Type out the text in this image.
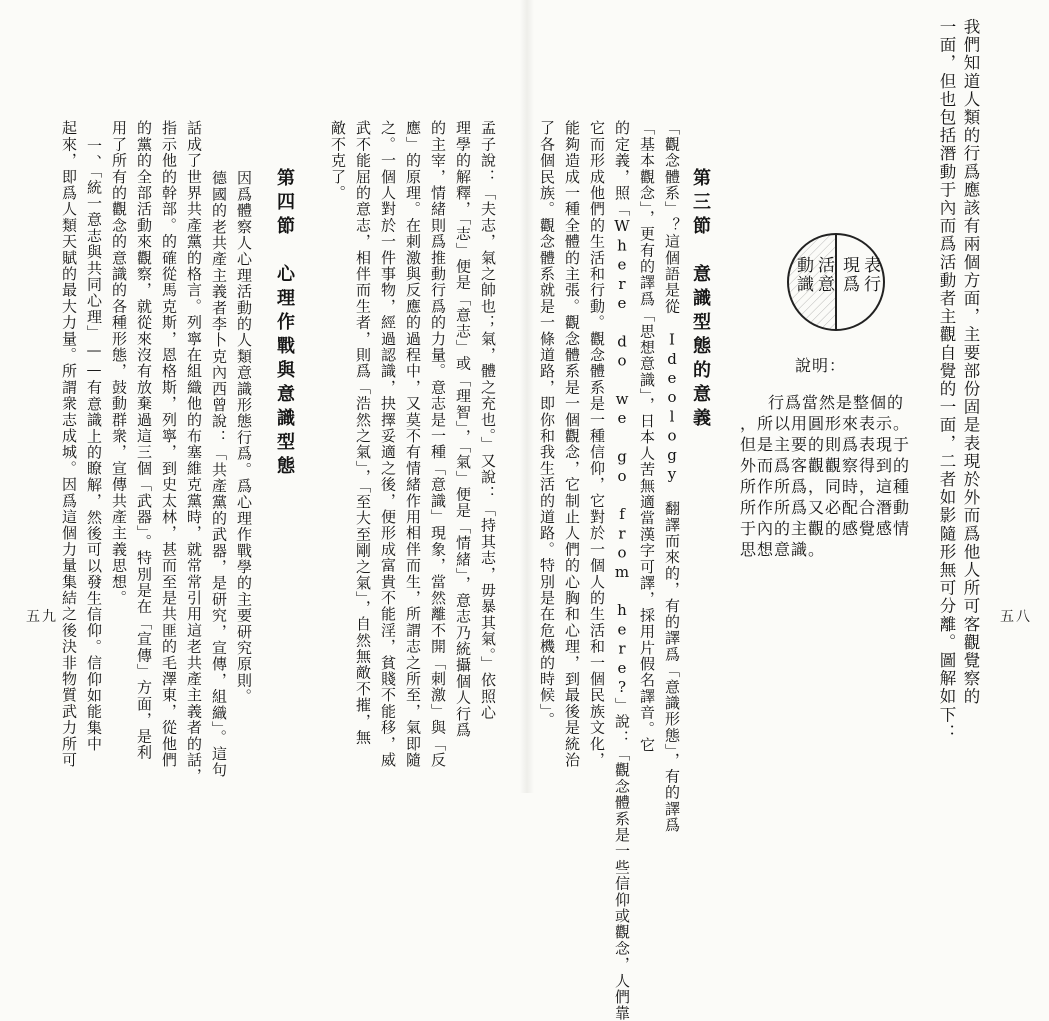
我們知道人類的行爲應該有兩個方面，主要部份固是表現於外而爲他人所可客觀覺察的
一面，但也包括潛動于內而爲活動者主觀自覺的一面，二者如影隨形無可分離。圖解如下：
活意動識	表行現爲
說明：
行爲當然是整個的
，所以用圓形來表示。
但是主要的則爲表現于
外而爲客觀觀察得到的
所作所爲，同時，這種
所作所爲又必配合潛動
于內的主觀的感覺感情
思想意識。
第三節　意識型態的意義
「觀念體系」？這個語是從　Ideology　翻譯而來的，有的譯爲「意識形態」，有的譯爲
「基本觀念」，更有的譯爲「思想意識」，日本人苦無適當漢字可譯，採用片假名譯音。它
的定義，照「Where do we go from here?」說：「觀念體系是一些信仰或觀念，人們靠
它而形成他們的生活和行動。觀念體系是一種信仰，它對於一個人的生活和一個民族文化，
能夠造成一種全體的主張。觀念體系是一個觀念，它制止人們的心胸和心理，到最後是統治
了各個民族。觀念體系就是一條道路，即你和我生活的道路。特別是在危機的時候」。	五八
孟子說：「夫志，氣之帥也；氣，體之充也。」又說：「持其志，毋暴其氣。」依照心
理學的解釋，「志」便是「意志」或「理智」，「氣」便是「情緒」，意志乃統攝個人行爲
的主宰，情緒則爲推動行爲的力量。意志是一種「意識」現象，當然離不開「刺激」與「反
應」的原理。在刺激與反應的過程中，又莫不有情緒作用相伴而生，所謂志之所至，氣即隨
之。一個人對於一件事物，經過認識，抉擇妥適之後，便形成富貴不能淫，貧賤不能移，威
武不能屈的意志，相伴而生者，則爲「浩然之氣」，「至大至剛之氣」，自然無敵不摧，無
敵不克了。
第四節　心理作戰與意識型態
因爲體察人心理活動的人類意識形態行爲。爲心理作戰學的主要研究原則。
德國的老共產主義者李卜克內西曾說：「共產黨的武器，是研究，宣傳，組織」。這句
話成了世界共產黨的格言。列寧在組織他的布塞維克黨時，就常常引用這老共產主義者的話，
指示他的幹部。的確從馬克斯，恩格斯，列寧，到史太林，甚而至是共匪的毛澤東，從他們
的黨的全部活動來觀察，就從來沒有放棄過這三個「武器」。特別是在「宣傳」方面，是利
用了所有的觀念的意識的各種形態，鼓動群衆，宣傳共產主義思想。
一、「統一意志與共同心理」——有意識上的瞭解，然後可以發生信仰。信仰如能集中
起來，即爲人類天賦的最大力量。所謂衆志成城。因爲這個力量集結之後決非物質武力所可
五九
